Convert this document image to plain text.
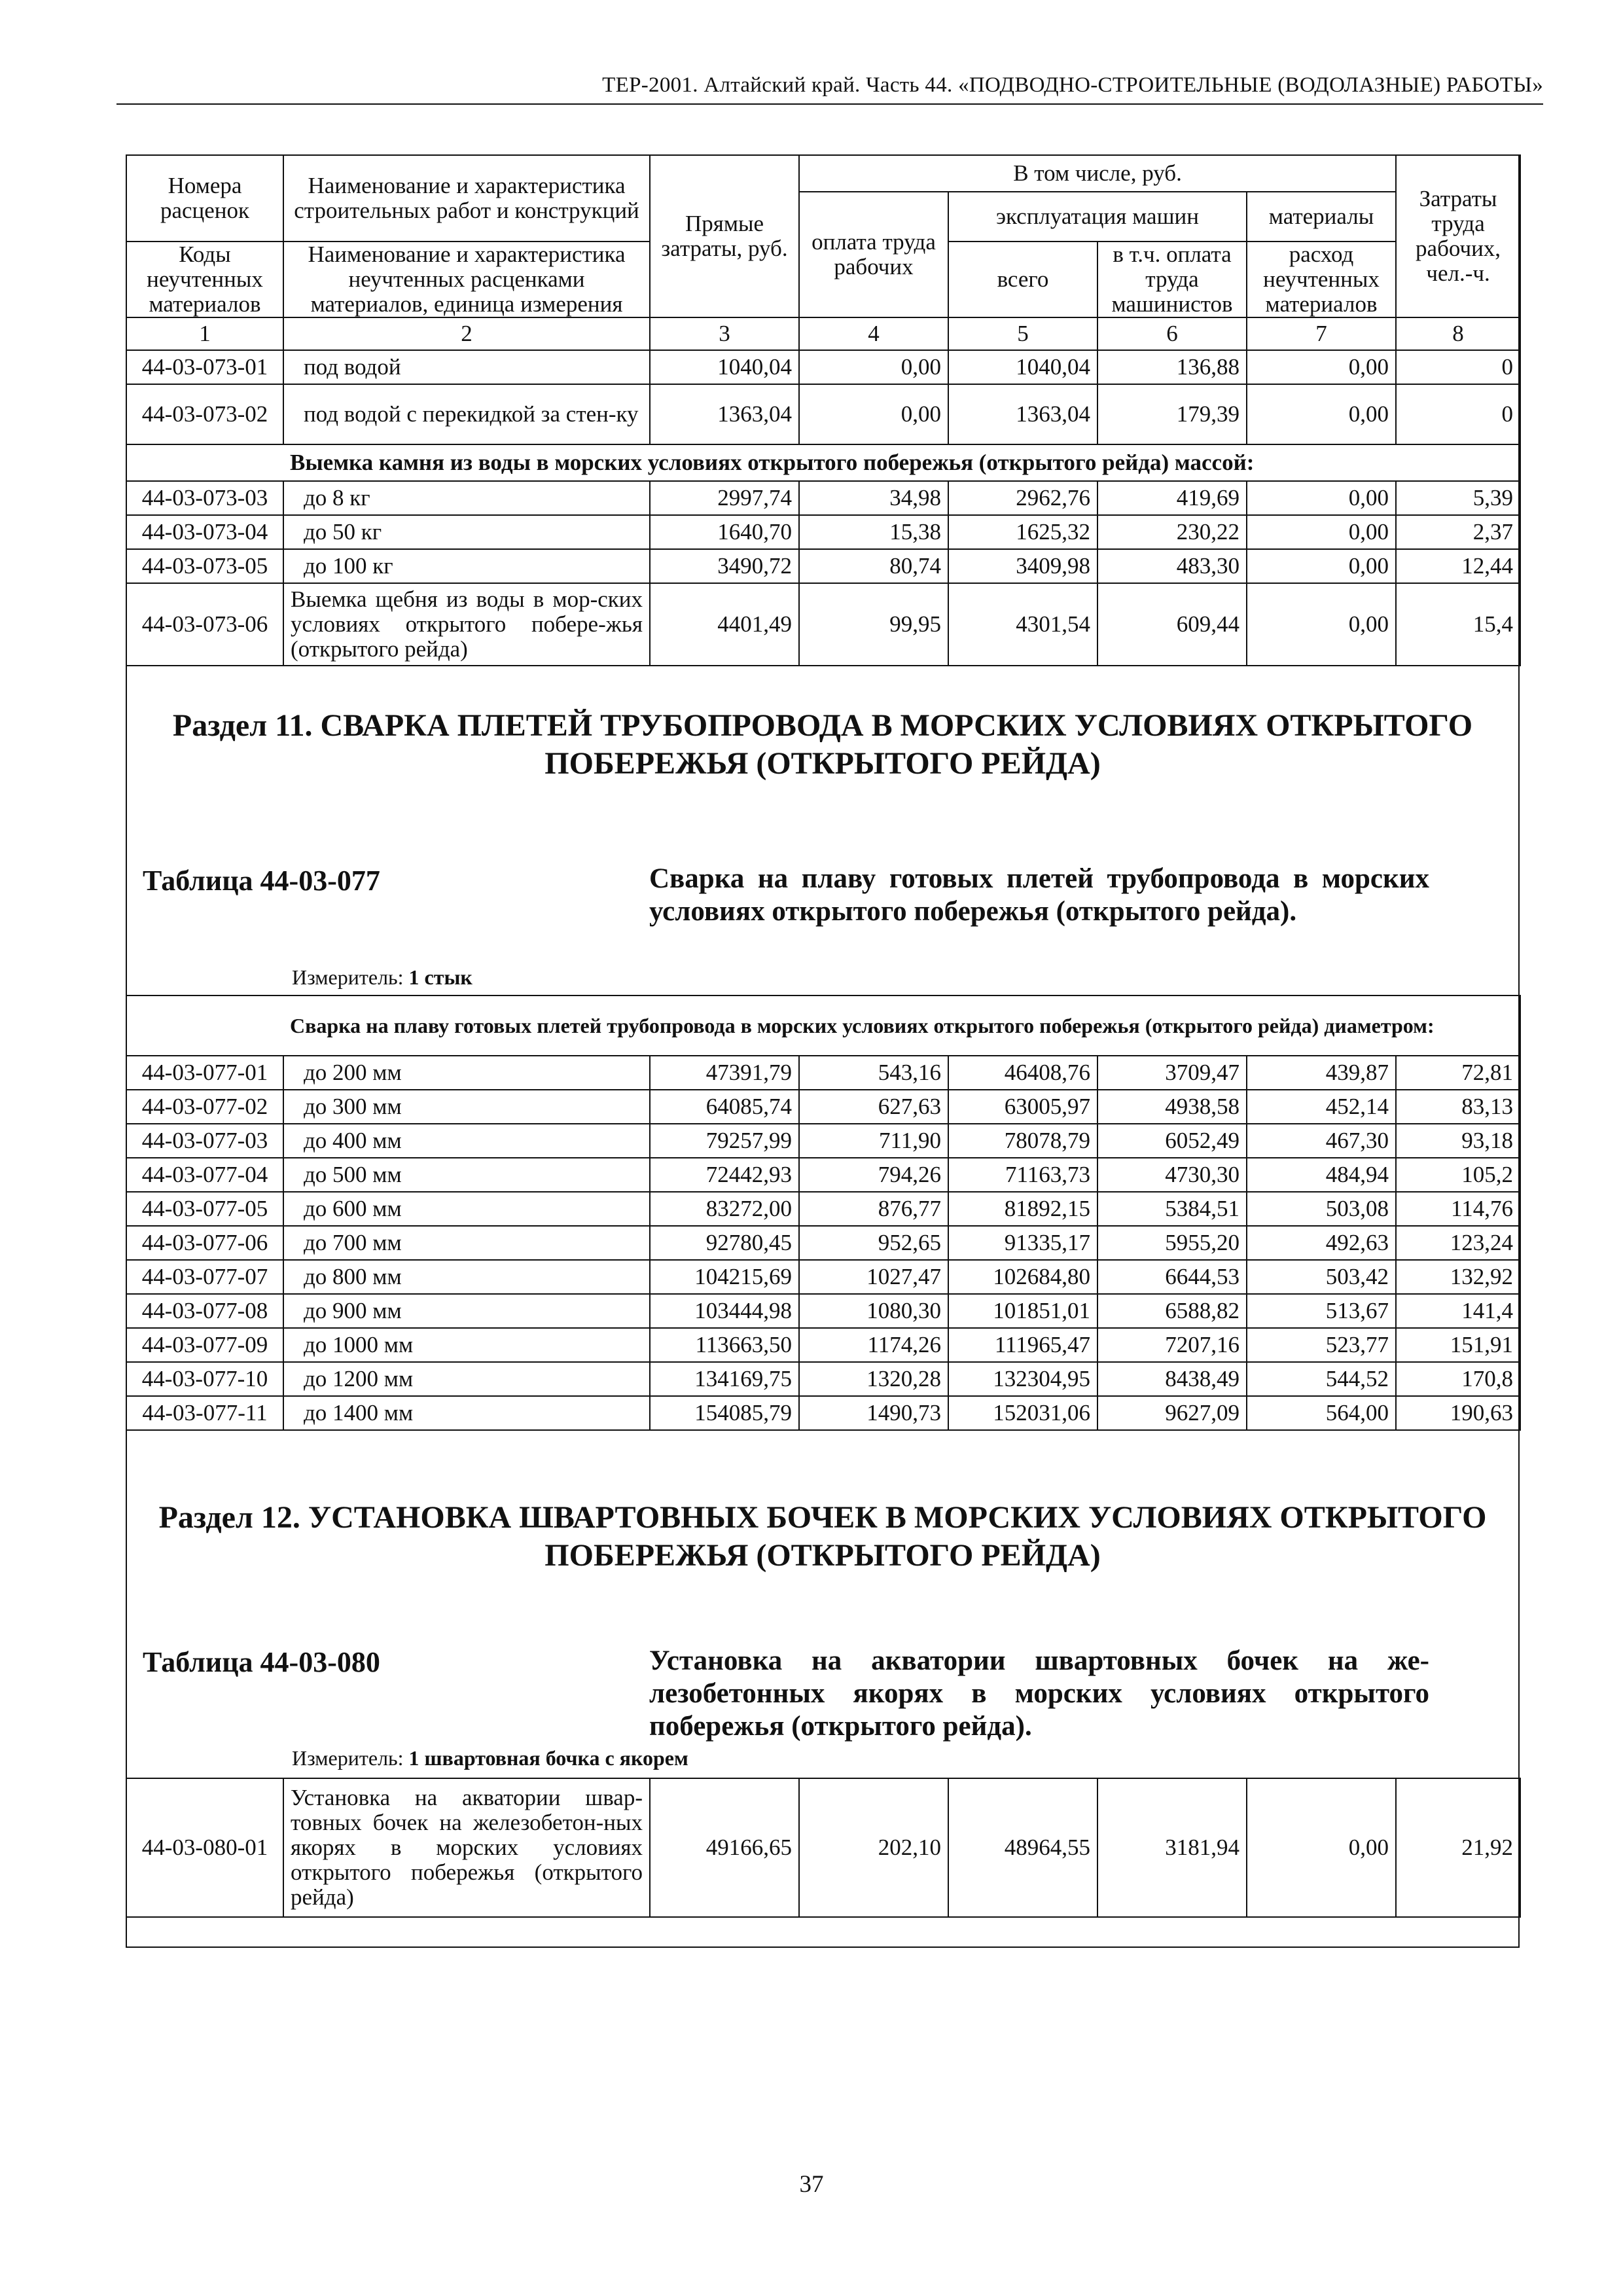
ТЕР-2001. Алтайский край. Часть 44. «ПОДВОДНО-СТРОИТЕЛЬНЫЕ (ВОДОЛАЗНЫЕ) РАБОТЫ»
Номера расценок	Наименование и характеристика строительных работ и конструкций	Прямые затраты, руб.	В том числе, руб.				Затраты труда рабочих, чел.-ч.
			оплата труда рабочих	эксплуатация машин		материалы	
Коды неучтенных материалов	Наименование и характеристика неучтенных расценками материалов, единица измерения			всего	в т.ч. оплата труда машинистов	расход неучтенных материалов	
1	2	3	4	5	6	7	8
44-03-073-01	под водой	1040,04	0,00	1040,04	136,88	0,00	0
44-03-073-02	под водой с перекидкой за стен-ку	1363,04	0,00	1363,04	179,39	0,00	0
	Выемка камня из воды в морских условиях открытого побережья (открытого рейда) массой:						
44-03-073-03	до 8 кг	2997,74	34,98	2962,76	419,69	0,00	5,39
44-03-073-04	до 50 кг	1640,70	15,38	1625,32	230,22	0,00	2,37
44-03-073-05	до 100 кг	3490,72	80,74	3409,98	483,30	0,00	12,44
44-03-073-06	Выемка щебня из воды в мор-ских условиях открытого побере-жья (открытого рейда)	4401,49	99,95	4301,54	609,44	0,00	15,4
Раздел 11. СВАРКА ПЛЕТЕЙ ТРУБОПРОВОДА В МОРСКИХ УСЛОВИЯХ ОТКРЫТОГО ПОБЕРЕЖЬЯ (ОТКРЫТОГО РЕЙДА)
Таблица 44-03-077	Сварка на плаву готовых плетей трубопровода в морских условиях открытого побережья (открытого рейда).
Измеритель: 1 стык
	Сварка на плаву готовых плетей трубопровода в морских условиях открытого побережья (открытого рейда) диаметром:
44-03-077-01	до 200 мм	47391,79	543,16	46408,76	3709,47	439,87	72,81
44-03-077-02	до 300 мм	64085,74	627,63	63005,97	4938,58	452,14	83,13
44-03-077-03	до 400 мм	79257,99	711,90	78078,79	6052,49	467,30	93,18
44-03-077-04	до 500 мм	72442,93	794,26	71163,73	4730,30	484,94	105,2
44-03-077-05	до 600 мм	83272,00	876,77	81892,15	5384,51	503,08	114,76
44-03-077-06	до 700 мм	92780,45	952,65	91335,17	5955,20	492,63	123,24
44-03-077-07	до 800 мм	104215,69	1027,47	102684,80	6644,53	503,42	132,92
44-03-077-08	до 900 мм	103444,98	1080,30	101851,01	6588,82	513,67	141,4
44-03-077-09	до 1000 мм	113663,50	1174,26	111965,47	7207,16	523,77	151,91
44-03-077-10	до 1200 мм	134169,75	1320,28	132304,95	8438,49	544,52	170,8
44-03-077-11	до 1400 мм	154085,79	1490,73	152031,06	9627,09	564,00	190,63
Раздел 12. УСТАНОВКА ШВАРТОВНЫХ БОЧЕК В МОРСКИХ УСЛОВИЯХ ОТКРЫТОГО ПОБЕРЕЖЬЯ (ОТКРЫТОГО РЕЙДА)
Таблица 44-03-080	Установка на акватории швартовных бочек на же-лезобетонных якорях в морских условиях открытого побережья (открытого рейда).
Измеритель: 1 швартовная бочка с якорем
44-03-080-01	Установка на акватории швар-товных бочек на железобетон-ных якорях в морских условиях открытого побережья (открытого рейда)	49166,65	202,10	48964,55	3181,94	0,00	21,92
37
